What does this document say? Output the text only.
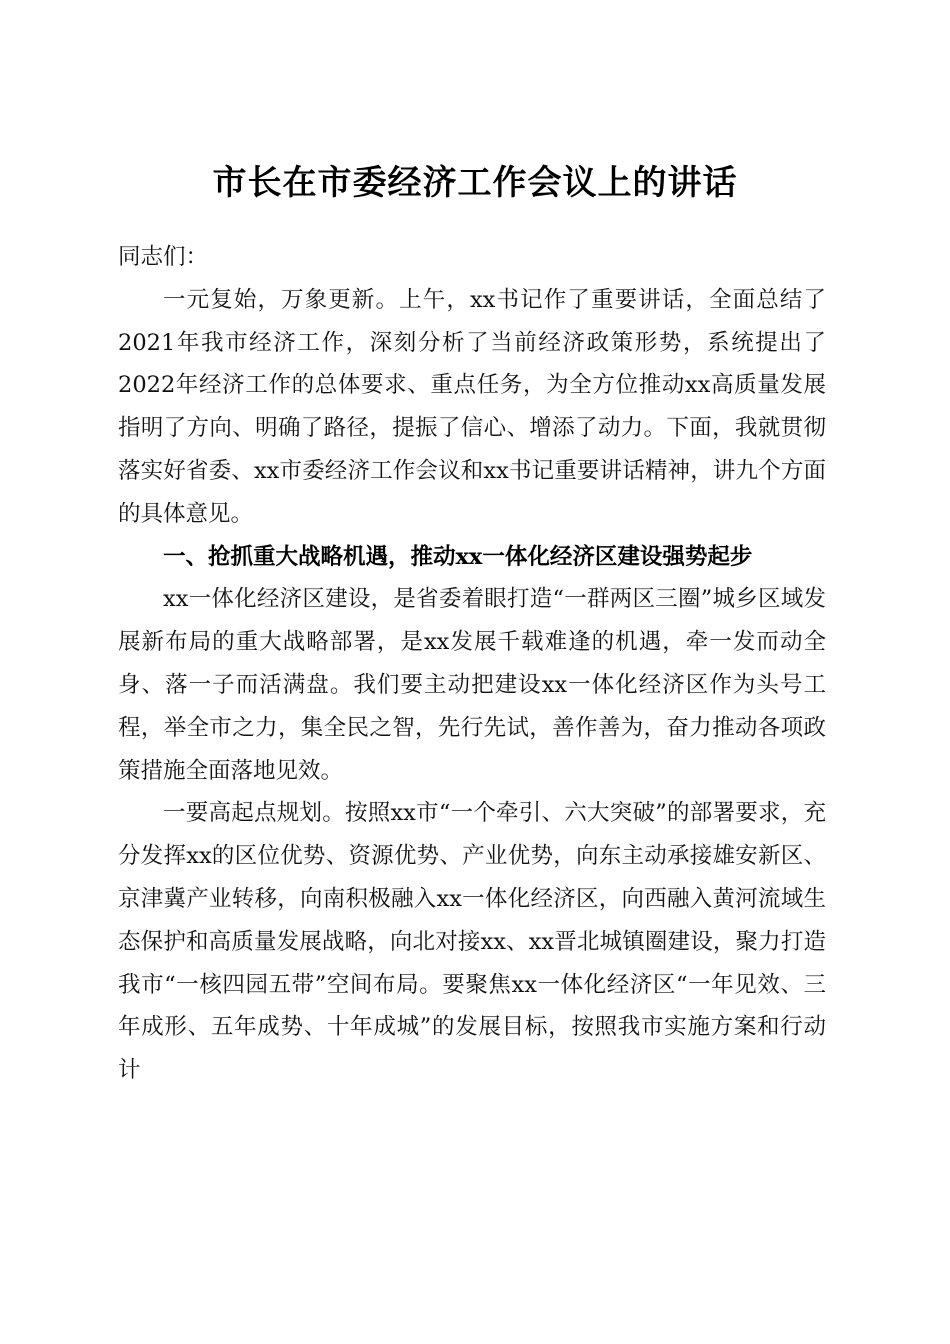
市长在市委经济工作会议上的讲话

同志们：

一元复始，万象更新。上午，xx书记作了重要讲话，全面总结了2021年我市经济工作，深刻分析了当前经济政策形势，系统提出了2022年经济工作的总体要求、重点任务，为全方位推动xx高质量发展指明了方向、明确了路径，提振了信心、增添了动力。下面，我就贯彻落实好省委、xx市委经济工作会议和xx书记重要讲话精神，讲九个方面的具体意见。

一、抢抓重大战略机遇，推动xx一体化经济区建设强势起步

xx一体化经济区建设，是省委着眼打造“一群两区三圈”城乡区域发展新布局的重大战略部署，是xx发展千载难逢的机遇，牵一发而动全身、落一子而活满盘。我们要主动把建设xx一体化经济区作为头号工程，举全市之力，集全民之智，先行先试，善作善为，奋力推动各项政策措施全面落地见效。

一要高起点规划。按照xx市“一个牵引、六大突破”的部署要求，充分发挥xx的区位优势、资源优势、产业优势，向东主动承接雄安新区、京津冀产业转移，向南积极融入xx一体化经济区，向西融入黄河流域生态保护和高质量发展战略，向北对接xx、xx晋北城镇圈建设，聚力打造我市“一核四园五带”空间布局。要聚焦xx一体化经济区“一年见效、三年成形、五年成势、十年成城”的发展目标，按照我市实施方案和行动计
